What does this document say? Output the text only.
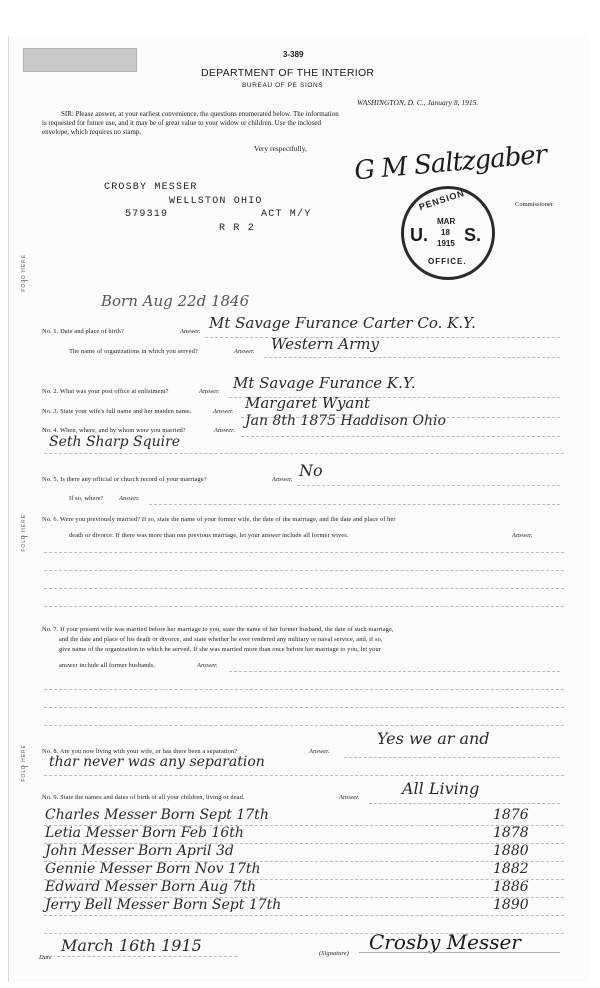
3-389
DEPARTMENT OF THE INTERIOR
BUREAU OF PE SIONS
WASHINGTON, D. C., January 8, 1915.
SIR: Please answer, at your earliest convenience, the questions enumerated below. The information
is requested for future use, and it may be of great value to your widow or children. Use the inclosed
envelope, which requires no stamp.
Very respectfully, G M Saltzgaber
Commissioner.
PENSION
U. S.
MAR
18
1915
OFFICE.
CROSBY MESSER
WELLSTON OHIO
579319	ACT M/Y
R R 2
FOLD HERE
FOLD HERE
FOLD HERE
Born Aug 22d 1846
No. 1. Date and place of birth?	Answer. Mt Savage Furance Carter Co. K.Y.
The name of organizations in which you served?	Answer. Western Army
No. 2. What was your post office at enlistment?	Answer. Mt Savage Furance K.Y.
No. 3. State your wife's full name and her maiden name.	Answer. Margaret Wyant
No. 4. When, where, and by whom were you married?	Answer.
Jan 8th 1875 Haddison Ohio
Seth Sharp Squire
No. 5. Is there any official or church record of your marriage?	Answer. No
If so, where? Answer.
No. 6. Were you previously married? If so, state the name of your former wife, the date of the marriage, and the date and place of her
death or divorce. If there was more than one previous marriage, let your answer include all former wives.	Answer.
No. 7. If your present wife was married before her marriage to you, state the name of her former husband, the date of such marriage,
and the date and place of his death or divorce, and state whether he ever rendered any military or naval service, and, if so,
give name of the organization in which he served. If she was married more than once before her marriage to you, let your
answer include all former husbands.	Answer.
No. 8. Are you now living with your wife, or has there been a separation?	Answer.
Yes we ar and
thar never was any separation
No. 9. State the names and dates of birth of all your children, living or dead.	Answer.	All Living
Charles Messer Born Sept 17th	1876
Letia Messer Born Feb 16th	1878
John Messer Born April 3d	1880
Gennie Messer Born Nov 17th	1882
Edward Messer Born Aug 7th	1886
Jerry Bell Messer Born Sept 17th	1890
Date
March 16th 1915	(Signature) Crosby Messer
